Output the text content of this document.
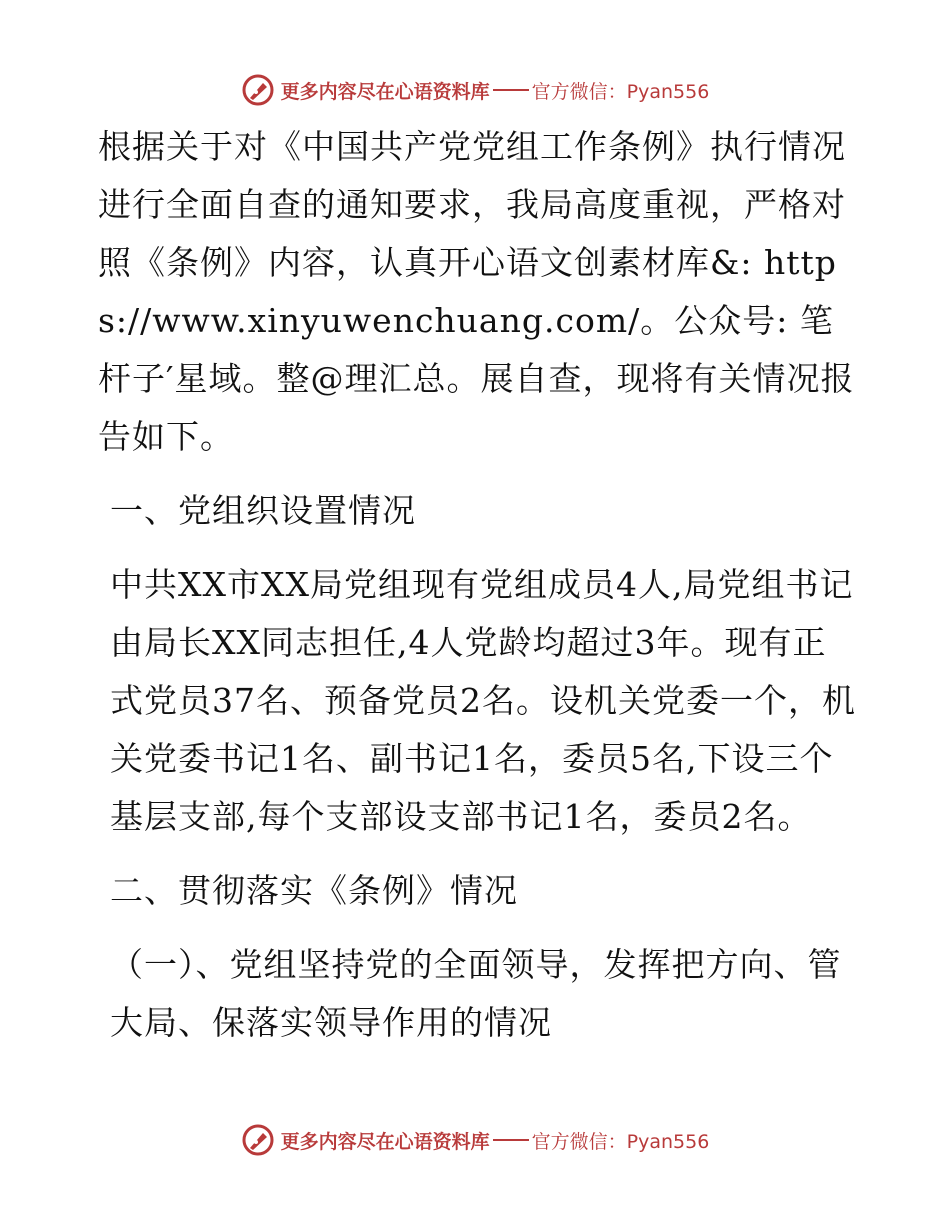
更多内容尽在心语资料库 官方微信：Pyan556

根据关于对《中国共产党党组工作条例》执行情况进行全面自查的通知要求，我局高度重视，严格对照《条例》内容，认真开心语文创素材库&: https://www.xinyuwenchuang.com/。公众号: 笔杆子′星域。整@理汇总。展自查，现将有关情况报告如下。

一、党组织设置情况

中共XX市XX局党组现有党组成员4人,局党组书记由局长XX同志担任,4人党龄均超过3年。现有正式党员37名、预备党员2名。设机关党委一个，机关党委书记1名、副书记1名，委员5名,下设三个基层支部,每个支部设支部书记1名，委员2名。

二、贯彻落实《条例》情况

（一）、党组坚持党的全面领导，发挥把方向、管大局、保落实领导作用的情况

更多内容尽在心语资料库 官方微信：Pyan556
